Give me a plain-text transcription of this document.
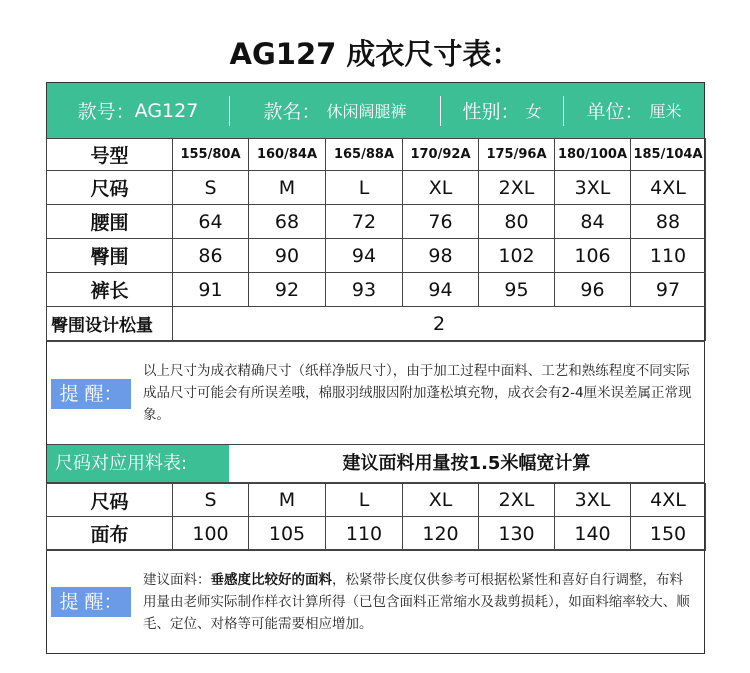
AG127 成衣尺寸表：
款号： AG127	款名： 休闲阔腿裤	性别： 女 单位： 厘米
号型	155/80A	160/84A	165/88A	170/92A	175/96A	180/100A	185/104A
尺码	S	M	L	XL	2XL	3XL	4XL
腰围	64	68	72	76	80	84	88
臀围	86	90	94	98	102	106	110
裤长	91	92	93	94	95	96	97
臀围设计松量	2						
提 醒：
以上尺寸为成衣精确尺寸（纸样净版尺寸），由于加工过程中面料、工艺和熟练程度不同实际成品尺寸可能会有所误差哦，棉服羽绒服因附加蓬松填充物，成衣会有2-4厘米误差属正常现象。
尺码对应用料表:	建议面料用量按1.5米幅宽计算
尺码	S	M	L	XL	2XL	3XL	4XL
面布	100	105	110	120	130	140	150
提 醒：
建议面料：垂感度比较好的面料，松紧带长度仅供参考可根据松紧性和喜好自行调整，布料用量由老师实际制作样衣计算所得（已包含面料正常缩水及裁剪损耗），如面料缩率较大、顺毛、定位、对格等可能需要相应增加。
